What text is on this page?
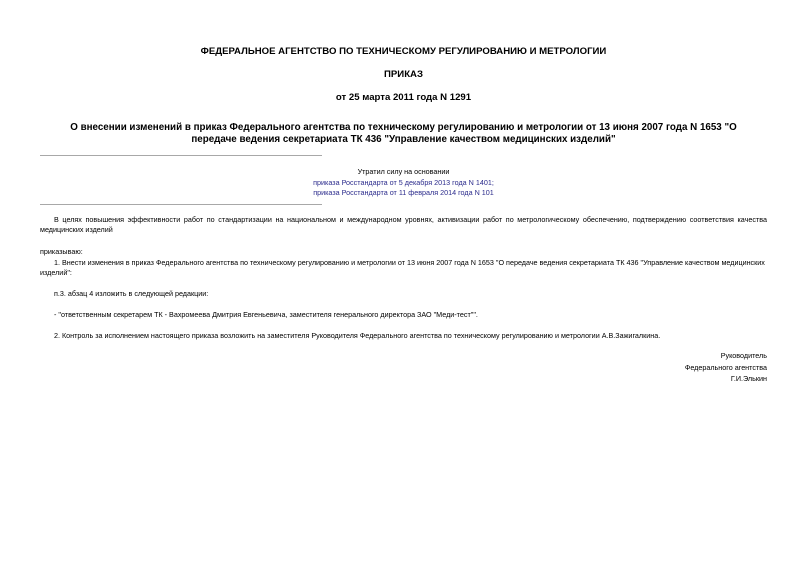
ФЕДЕРАЛЬНОЕ АГЕНТСТВО ПО ТЕХНИЧЕСКОМУ РЕГУЛИРОВАНИЮ И МЕТРОЛОГИИ
ПРИКАЗ
от 25 марта 2011 года N 1291
О внесении изменений в приказ Федерального агентства по техническому регулированию и метрологии от 13 июня 2007 года N 1653 "О передаче ведения секретариата ТК 436 "Управление качеством медицинских изделий"
Утратил силу на основании
приказа Росстандарта от 5 декабря 2013 года N 1401;
приказа Росстандарта от 11 февраля 2014 года N 101
В целях повышения эффективности работ по стандартизации на национальном и международном уровнях, активизации работ по метрологическому обеспечению, подтверждению соответствия качества медицинских изделий
приказываю:
1. Внести изменения в приказ Федерального агентства по техническому регулированию и метрологии от 13 июня 2007 года N 1653 "О передаче ведения секретариата ТК 436 "Управление качеством медицинских изделий":
п.3. абзац 4 изложить в следующей редакции:
- "ответственным секретарем ТК - Вахромеева Дмитрия Евгеньевича, заместителя генерального директора ЗАО "Меди-тест"".
2. Контроль за исполнением настоящего приказа возложить на заместителя Руководителя Федерального агентства по техническому регулированию и метрологии А.В.Зажигалкина.
Руководитель
Федерального агентства
Г.И.Элькин
